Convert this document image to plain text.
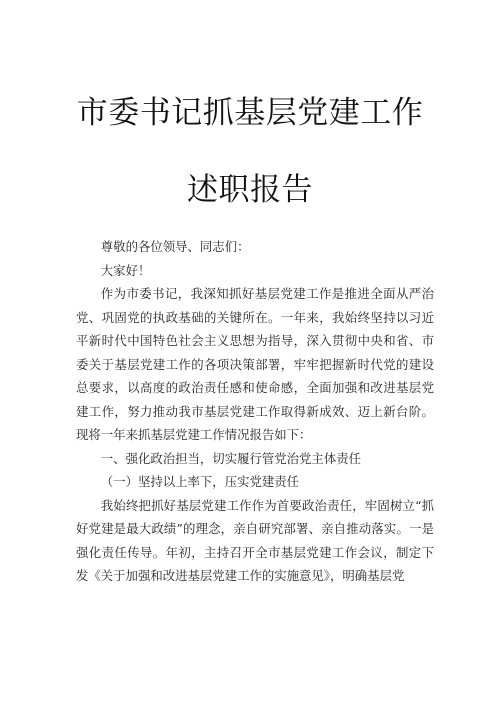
市委书记抓基层党建工作
述职报告

尊敬的各位领导、同志们：

大家好！

作为市委书记，我深知抓好基层党建工作是推进全面从严治党、巩固党的执政基础的关键所在。一年来，我始终坚持以习近平新时代中国特色社会主义思想为指导，深入贯彻中央和省、市委关于基层党建工作的各项决策部署，牢牢把握新时代党的建设总要求，以高度的政治责任感和使命感，全面加强和改进基层党建工作，努力推动我市基层党建工作取得新成效、迈上新台阶。现将一年来抓基层党建工作情况报告如下：

一、强化政治担当，切实履行管党治党主体责任

（一）坚持以上率下，压实党建责任

我始终把抓好基层党建工作作为首要政治责任，牢固树立“抓好党建是最大政绩”的理念，亲自研究部署、亲自推动落实。一是强化责任传导。年初，主持召开全市基层党建工作会议，制定下发《关于加强和改进基层党建工作的实施意见》，明确基层党
